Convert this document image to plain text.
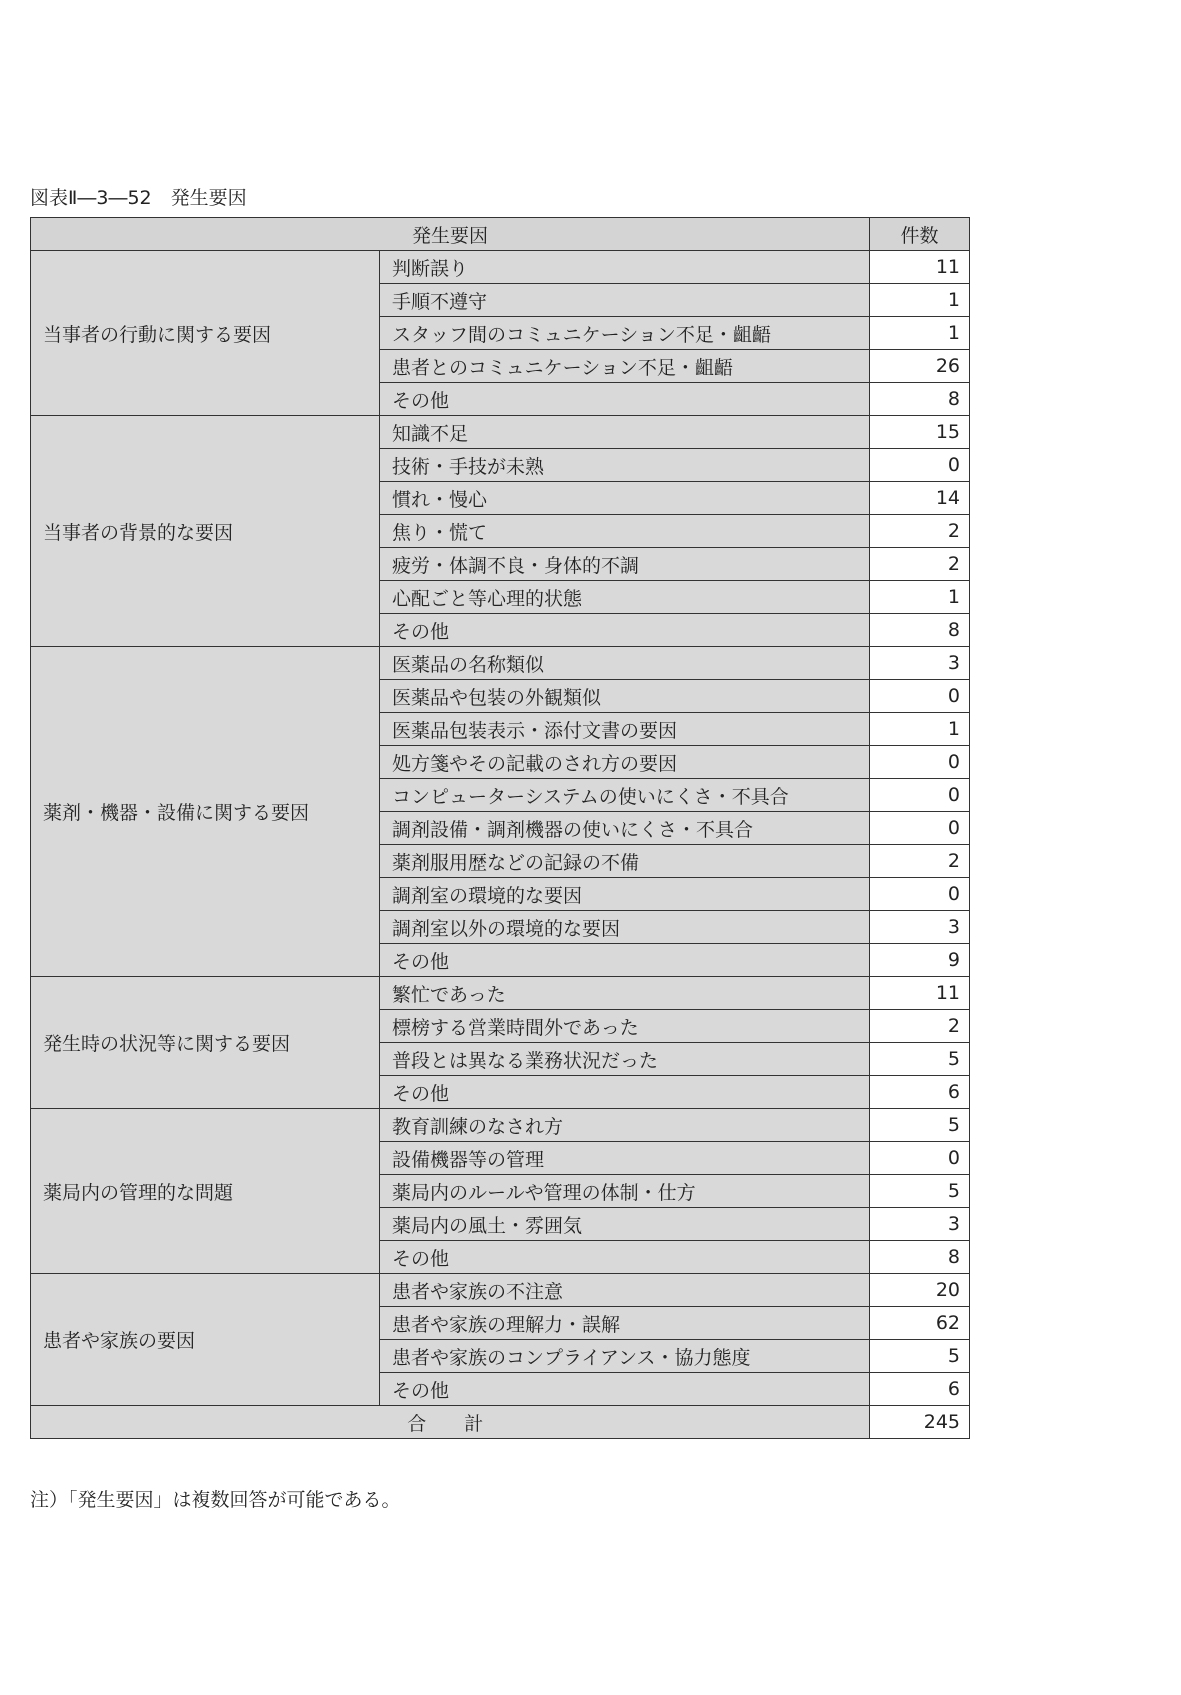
図表Ⅱ―3―52　発生要因
発生要因		件数
当事者の行動に関する要因	判断誤り	11
	手順不遵守	1
	スタッフ間のコミュニケーション不足・齟齬	1
	患者とのコミュニケーション不足・齟齬	26
	その他	8
当事者の背景的な要因	知識不足	15
	技術・手技が未熟	0
	慣れ・慢心	14
	焦り・慌て	2
	疲労・体調不良・身体的不調	2
	心配ごと等心理的状態	1
	その他	8
薬剤・機器・設備に関する要因	医薬品の名称類似	3
	医薬品や包装の外観類似	0
	医薬品包装表示・添付文書の要因	1
	処方箋やその記載のされ方の要因	0
	コンピューターシステムの使いにくさ・不具合	0
	調剤設備・調剤機器の使いにくさ・不具合	0
	薬剤服用歴などの記録の不備	2
	調剤室の環境的な要因	0
	調剤室以外の環境的な要因	3
	その他	9
発生時の状況等に関する要因	繁忙であった	11
	標榜する営業時間外であった	2
	普段とは異なる業務状況だった	5
	その他	6
薬局内の管理的な問題	教育訓練のなされ方	5
	設備機器等の管理	0
	薬局内のルールや管理の体制・仕方	5
	薬局内の風土・雰囲気	3
	その他	8
患者や家族の要因	患者や家族の不注意	20
	患者や家族の理解力・誤解	62
	患者や家族のコンプライアンス・協力態度	5
	その他	6
合　計		245
注）「発生要因」は複数回答が可能である。
